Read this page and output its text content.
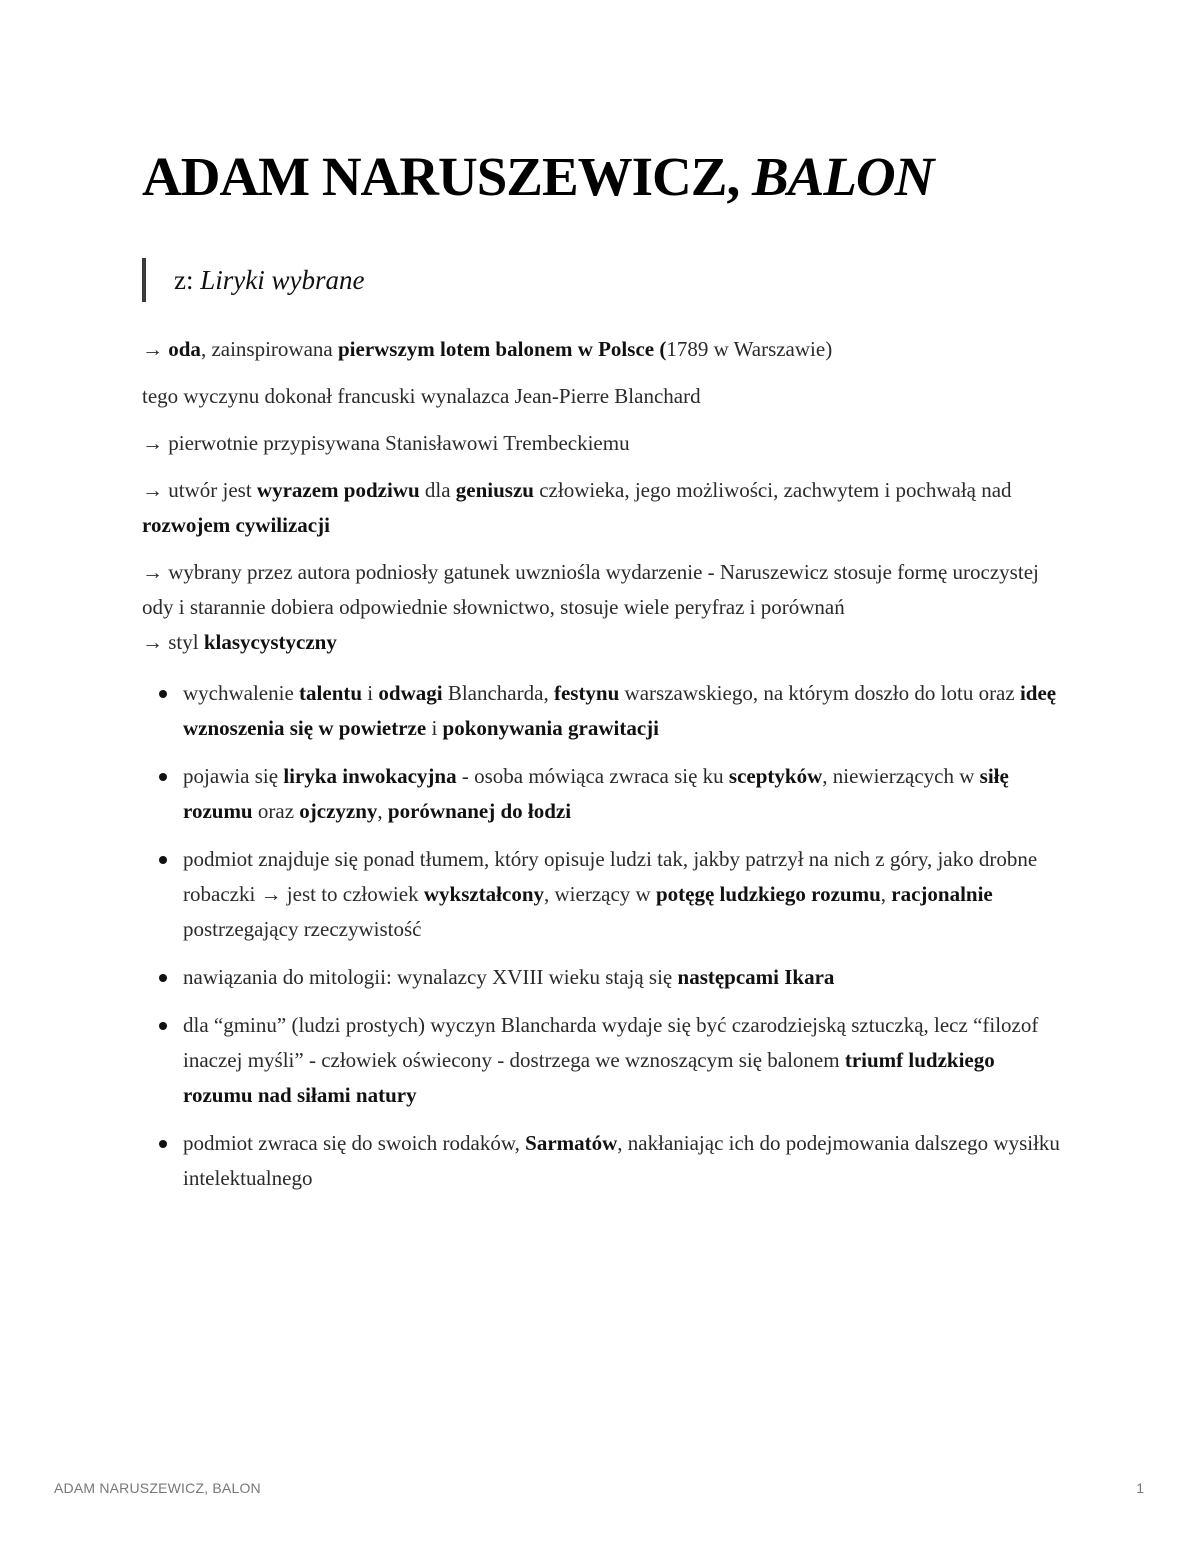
ADAM NARUSZEWICZ, BALON
z: Liryki wybrane

→ oda, zainspirowana pierwszym lotem balonem w Polsce (1789 w Warszawie)

tego wyczynu dokonał francuski wynalazca Jean-Pierre Blanchard

→ pierwotnie przypisywana Stanisławowi Trembeckiemu

→ utwór jest wyrazem podziwu dla geniuszu człowieka, jego możliwości, zachwytem i pochwałą nad rozwojem cywilizacji

→ wybrany przez autora podniosły gatunek uwzniośla wydarzenie - Naruszewicz stosuje formę uroczystej ody i starannie dobiera odpowiednie słownictwo, stosuje wiele peryfraz i porównań

→ styl klasycystyczny

wychwalenie talentu i odwagi Blancharda, festynu warszawskiego, na którym doszło do lotu oraz ideę wznoszenia się w powietrze i pokonywania grawitacji
pojawia się liryka inwokacyjna - osoba mówiąca zwraca się ku sceptyków, niewierzących w siłę rozumu oraz ojczyzny, porównanej do łodzi
podmiot znajduje się ponad tłumem, który opisuje ludzi tak, jakby patrzył na nich z góry, jako drobne robaczki → jest to człowiek wykształcony, wierzący w potęgę ludzkiego rozumu, racjonalnie postrzegający rzeczywistość
nawiązania do mitologii: wynalazcy XVIII wieku stają się następcami Ikara
dla “gminu” (ludzi prostych) wyczyn Blancharda wydaje się być czarodziejską sztuczką, lecz “filozof inaczej myśli” - człowiek oświecony - dostrzega we wznoszącym się balonem triumf ludzkiego rozumu nad siłami natury
podmiot zwraca się do swoich rodaków, Sarmatów, nakłaniając ich do podejmowania dalszego wysiłku intelektualnego
ADAM NARUSZEWICZ, BALON	1
